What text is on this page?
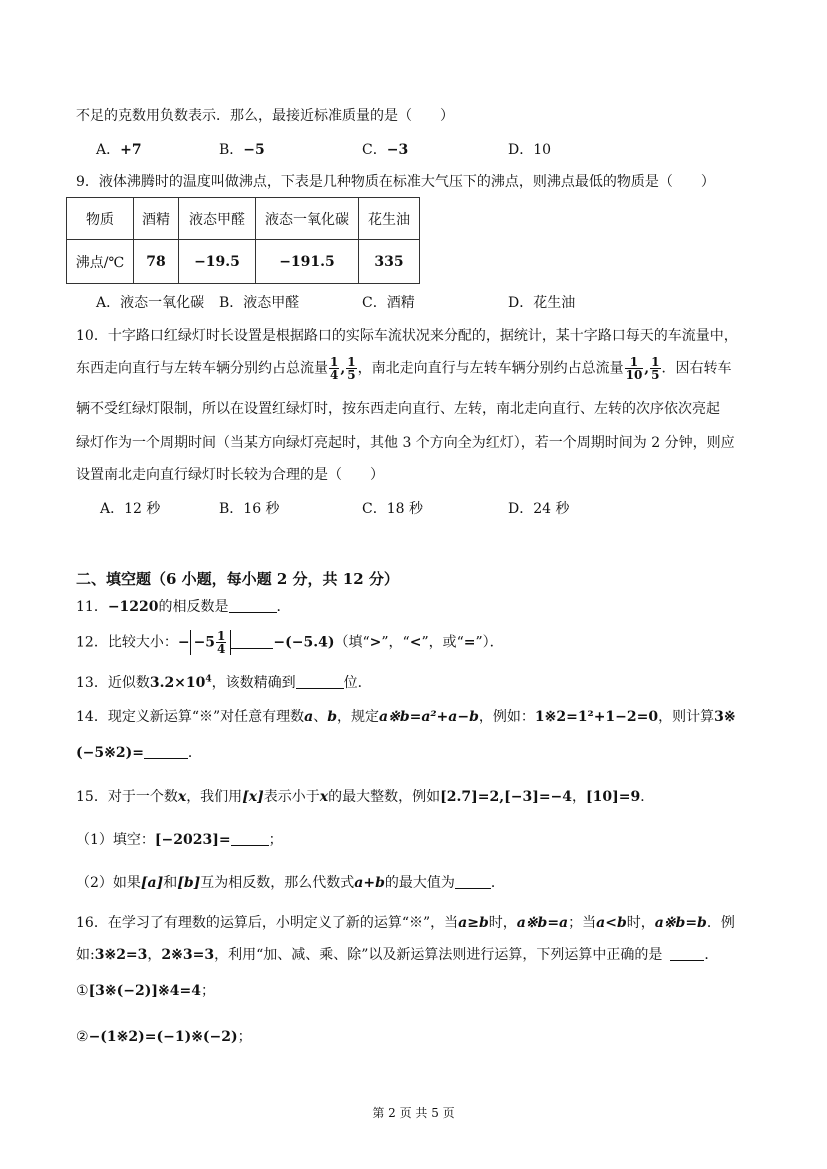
不足的克数用负数表示．那么，最接近标准质量的是（　　）
A．+7	B．−5	C．−3	D．10
9．液体沸腾时的温度叫做沸点，下表是几种物质在标准大气压下的沸点，则沸点最低的物质是（　　）
物质	酒精	液态甲醛	液态一氧化碳	花生油
沸点/℃	78	−19.5	−191.5	335
A．液态一氧化碳 B．液态甲醛	C．酒精	D．花生油
10．十字路口红绿灯时长设置是根据路口的实际车流状况来分配的，据统计，某十字路口每天的车流量中，
东西走向直行与左转车辆分别约占总流量 $\frac{1}{4}$ , $\frac{1}{5}$ ，南北走向直行与左转车辆分别约占总流量 $\frac{1}{10}$ , $\frac{1}{5}$ ．因右转车
辆不受红绿灯限制，所以在设置红绿灯时，按东西走向直行、左转，南北走向直行、左转的次序依次亮起
绿灯作为一个周期时间（当某方向绿灯亮起时，其他 3 个方向全为红灯），若一个周期时间为 2 分钟，则应
设置南北走向直行绿灯时长较为合理的是（　　）
A．12 秒	B．16 秒	C．18 秒	D．24 秒
二、填空题（6 小题，每小题 2 分，共 12 分）
11．−1220的相反数是	．
12．比较大小：− $-5 \frac{1}{4}$	−(−5.4)（填“>”，“<”，或“=”）．
13．近似数$3.2\times 10^4$，该数精确到	位．
14．现定义新运算“※”对任意有理数a、b，规定a※b=a²+a−b，例如：1※2=1²+1−2=0，则计算3※
(−5※2)=	．
15．对于一个数x，我们用[x]表示小于x的最大整数，例如[2.7]=2,[−3]=−4，[10]=9．
（1）填空：[−2023]=	；
（2）如果[a]和[b]互为相反数，那么代数式a+b的最大值为	．
16．在学习了有理数的运算后，小明定义了新的运算“※”，当a≥b时，a※b=a；当a<b时，a※b=b．例
如:3※2=3，2※3=3，利用“加、减、乘、除”以及新运算法则进行运算，下列运算中正确的是	．
①[3※(−2)]※4=4；
②−(1※2)=(−1)※(−2)；
第 2 页 共 5 页
